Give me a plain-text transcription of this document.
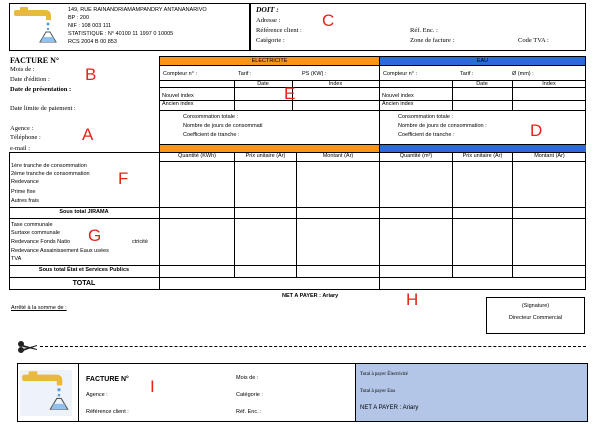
149, RUE RAINANDRIAMAMPANDRY ANTANANARIVO
BP : 200
NIF : 108 003 111
STATISTIQUE : N° 40100 11 1997 0 10005
RCS 2004 B 00 853
DOIT :
Adresse :
Référence client :
Catégorie :
Réf. Enc. :
Zone de facture :	Code TVA :
C
FACTURE N°
Mois de :
Date d'édition :
Date de présentation :
Date limite de paiement :
Agence :
Téléphone :
e-mail :
B
A
ELECTRICITE	EAU
Compteur n° :	Tarif :	PS (KW) :
Date	Index
Nouvel index
Ancien index
Consommation totale :
Nombre de jours de consommati
Coefficient de tranche :
Compteur n° :	Tarif :	Ø (mm) :
Date	Index
Nouvel index
Ancien index
Consommation totale :
Nombre de jours de consommation :
Coefficient de tranche :
E
D
Quantité (KWh)	Prix unitaire (Ar)	Montant (Ar)	Quantité (m³)	Prix unitaire (Ar)	Montant (Ar)
1ère tranche de consommation
2ème tranche de consommation
Redevance
Prime fixe
Autres frais
F
Sous total JIRAMA
Taxe communale
Surtaxe communale
Redevance Fonds Natio	ctricité
Redevance Assainissement Eaux usées
TVA
G
Sous total État et Services Publics
TOTAL
NET A PAYER : Ariary	H
Arrêté à la somme de :	(Signature)
Directeur Commercial
FACTURE N°
Agence :
Référence client :
Mois de :
Catégorie :
Réf. Enc. :
I
Total à payer Électricité
Total à payer Eau
NET A PAYER : Ariary
